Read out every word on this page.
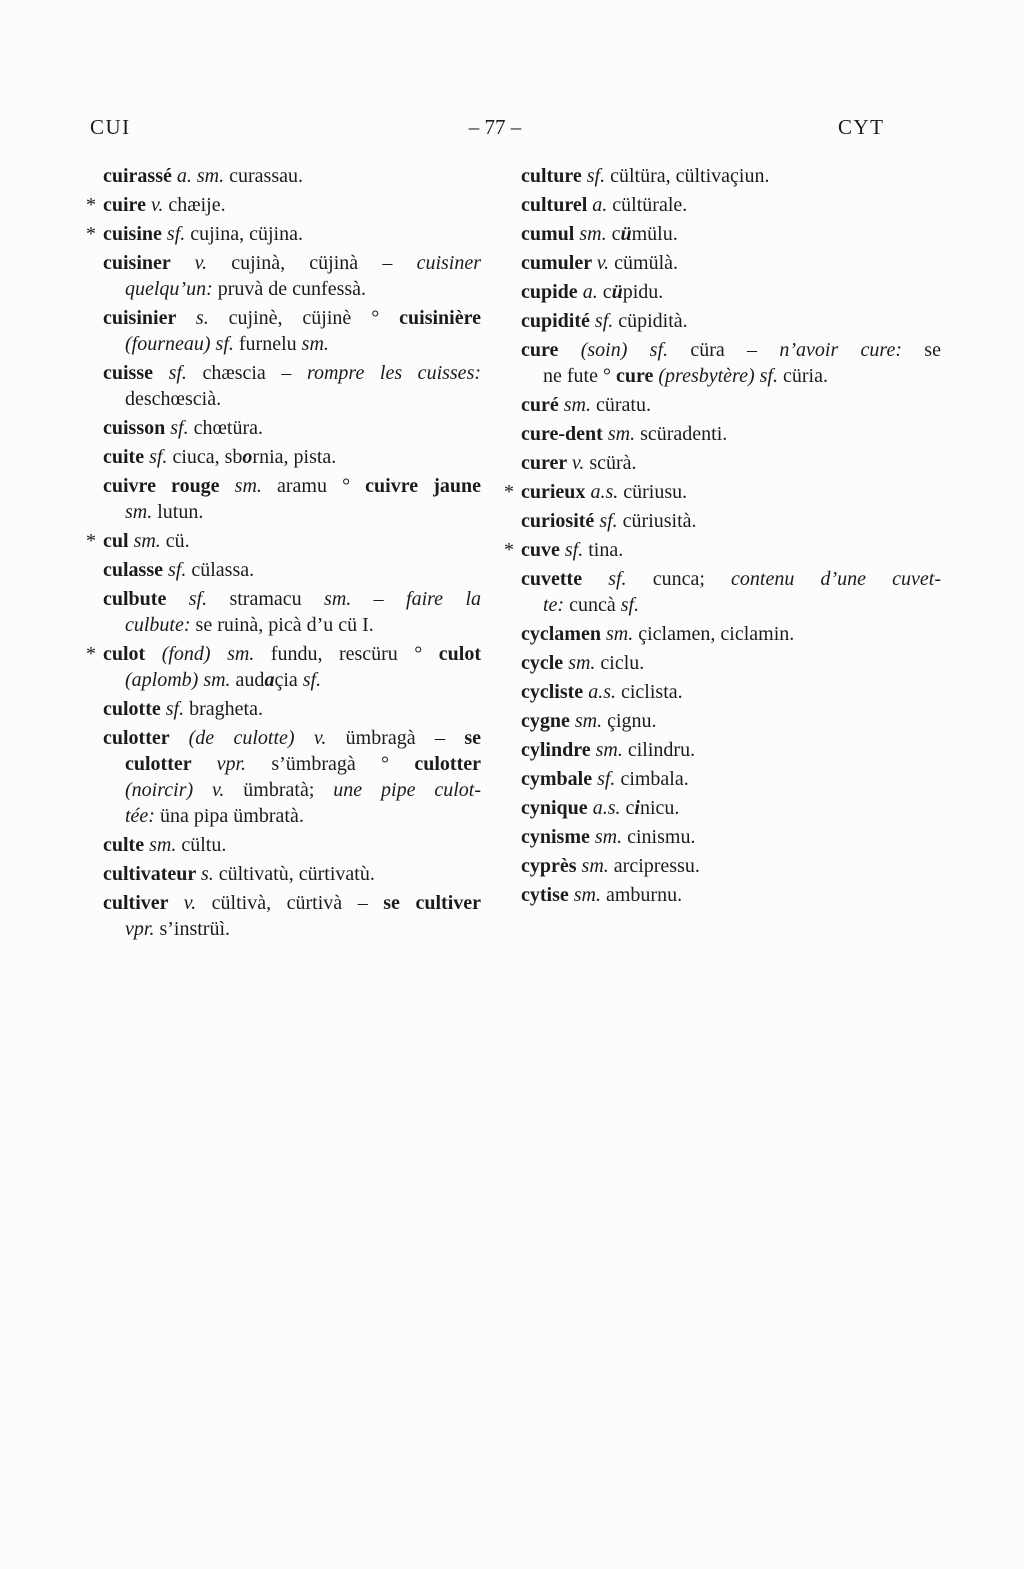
CUI	– 77 –	CYT
cuirassé a. sm. curassau.
* cuire v. chæije.
* cuisine sf. cujina, cüjina.
cuisiner v. cujinà, cüjinà – cuisiner
quelqu’un: pruvà de cunfessà.
cuisinier s. cujinè, cüjinè ° cuisinière
(fourneau) sf. furnelu sm.
cuisse sf. chæscia – rompre les cuisses:
deschœscià.
cuisson sf. chœtüra.
cuite sf. ciuca, sbornia, pista.
cuivre rouge sm. aramu ° cuivre jaune
sm. lutun.
* cul sm. cü.
culasse sf. cülassa.
culbute sf. stramacu sm. – faire la
culbute: se ruinà, picà d’u cü I.
* culot (fond) sm. fundu, rescüru ° culot
(aplomb) sm. audaçia sf.
culotte sf. bragheta.
culotter (de culotte) v. ümbragà – se
culotter vpr. s’ümbragà ° culotter
(noircir) v. ümbratà; une pipe culot-
tée: üna pipa ümbratà.
culte sm. cültu.
cultivateur s. cültivatù, cürtivatù.
cultiver v. cültivà, cürtivà – se cultiver
vpr. s’instrüì.
culture sf. cültüra, cültivaçiun.
culturel a. cültürale.
cumul sm. cümülu.
cumuler v. cümülà.
cupide a. cüpidu.
cupidité sf. cüpidità.
cure (soin) sf. cüra – n’avoir cure: se
ne fute ° cure (presbytère) sf. cüria.
curé sm. cüratu.
cure-dent sm. scüradenti.
curer v. scürà.
* curieux a.s. cüriusu.
curiosité sf. cüriusità.
* cuve sf. tina.
cuvette sf. cunca; contenu d’une cuvet-
te: cuncà sf.
cyclamen sm. çiclamen, ciclamin.
cycle sm. ciclu.
cycliste a.s. ciclista.
cygne sm. çignu.
cylindre sm. cilindru.
cymbale sf. cimbala.
cynique a.s. cinicu.
cynisme sm. cinismu.
cyprès sm. arcipressu.
cytise sm. amburnu.
